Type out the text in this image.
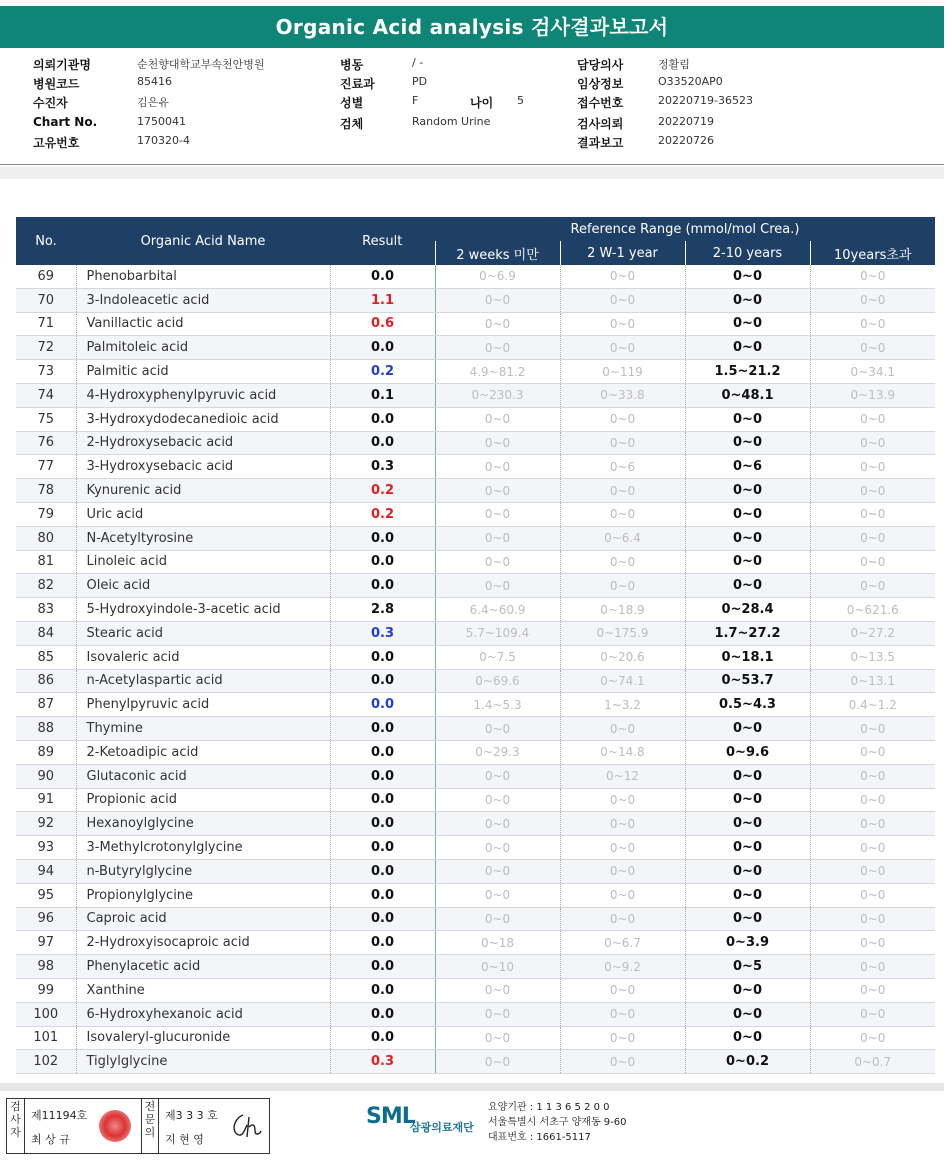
Organic Acid analysis 검사결과보고서
의뢰기관명	순천향대학교부속천안병원	병동	/ -	담당의사	정활림
병원코드	85416	진료과	PD	임상정보	O33520AP0
수진자	김은유	성별	F	나이 5	접수번호	20220719-36523
Chart No.	1750041	검체	Random Urine	검사의뢰	20220719
고유번호	170320-4	결과보고	20220726
No.	Organic Acid Name	Result	Reference Range (mmol/mol Crea.)			
			2 weeks 미만	2 W-1 year	2-10 years	10years초과
69	Phenobarbital	0.0	0~6.9	0~0	0~0	0~0
70	3-Indoleacetic acid	1.1	0~0	0~0	0~0	0~0
71	Vanillactic acid	0.6	0~0	0~0	0~0	0~0
72	Palmitoleic acid	0.0	0~0	0~0	0~0	0~0
73	Palmitic acid	0.2	4.9~81.2	0~119	1.5~21.2	0~34.1
74	4-Hydroxyphenylpyruvic acid	0.1	0~230.3	0~33.8	0~48.1	0~13.9
75	3-Hydroxydodecanedioic acid	0.0	0~0	0~0	0~0	0~0
76	2-Hydroxysebacic acid	0.0	0~0	0~0	0~0	0~0
77	3-Hydroxysebacic acid	0.3	0~0	0~6	0~6	0~0
78	Kynurenic acid	0.2	0~0	0~0	0~0	0~0
79	Uric acid	0.2	0~0	0~0	0~0	0~0
80	N-Acetyltyrosine	0.0	0~0	0~6.4	0~0	0~0
81	Linoleic acid	0.0	0~0	0~0	0~0	0~0
82	Oleic acid	0.0	0~0	0~0	0~0	0~0
83	5-Hydroxyindole-3-acetic acid	2.8	6.4~60.9	0~18.9	0~28.4	0~621.6
84	Stearic acid	0.3	5.7~109.4	0~175.9	1.7~27.2	0~27.2
85	Isovaleric acid	0.0	0~7.5	0~20.6	0~18.1	0~13.5
86	n-Acetylaspartic acid	0.0	0~69.6	0~74.1	0~53.7	0~13.1
87	Phenylpyruvic acid	0.0	1.4~5.3	1~3.2	0.5~4.3	0.4~1.2
88	Thymine	0.0	0~0	0~0	0~0	0~0
89	2-Ketoadipic acid	0.0	0~29.3	0~14.8	0~9.6	0~0
90	Glutaconic acid	0.0	0~0	0~12	0~0	0~0
91	Propionic acid	0.0	0~0	0~0	0~0	0~0
92	Hexanoylglycine	0.0	0~0	0~0	0~0	0~0
93	3-Methylcrotonylglycine	0.0	0~0	0~0	0~0	0~0
94	n-Butyrylglycine	0.0	0~0	0~0	0~0	0~0
95	Propionylglycine	0.0	0~0	0~0	0~0	0~0
96	Caproic acid	0.0	0~0	0~0	0~0	0~0
97	2-Hydroxyisocaproic acid	0.0	0~18	0~6.7	0~3.9	0~0
98	Phenylacetic acid	0.0	0~10	0~9.2	0~5	0~0
99	Xanthine	0.0	0~0	0~0	0~0	0~0
100	6-Hydroxyhexanoic acid	0.0	0~0	0~0	0~0	0~0
101	Isovaleryl-glucuronide	0.0	0~0	0~0	0~0	0~0
102	Tiglylglycine	0.3	0~0	0~0	0~0.2	0~0.7
검사자
제11194호
최 상 규
전문의
제3 3 3 호
지 현 영
SML
삼광의료재단
요양기관 : 1 1 3 6 5 2 0 0
서울특별시 서초구 양재동 9-60
대표번호 : 1661-5117
